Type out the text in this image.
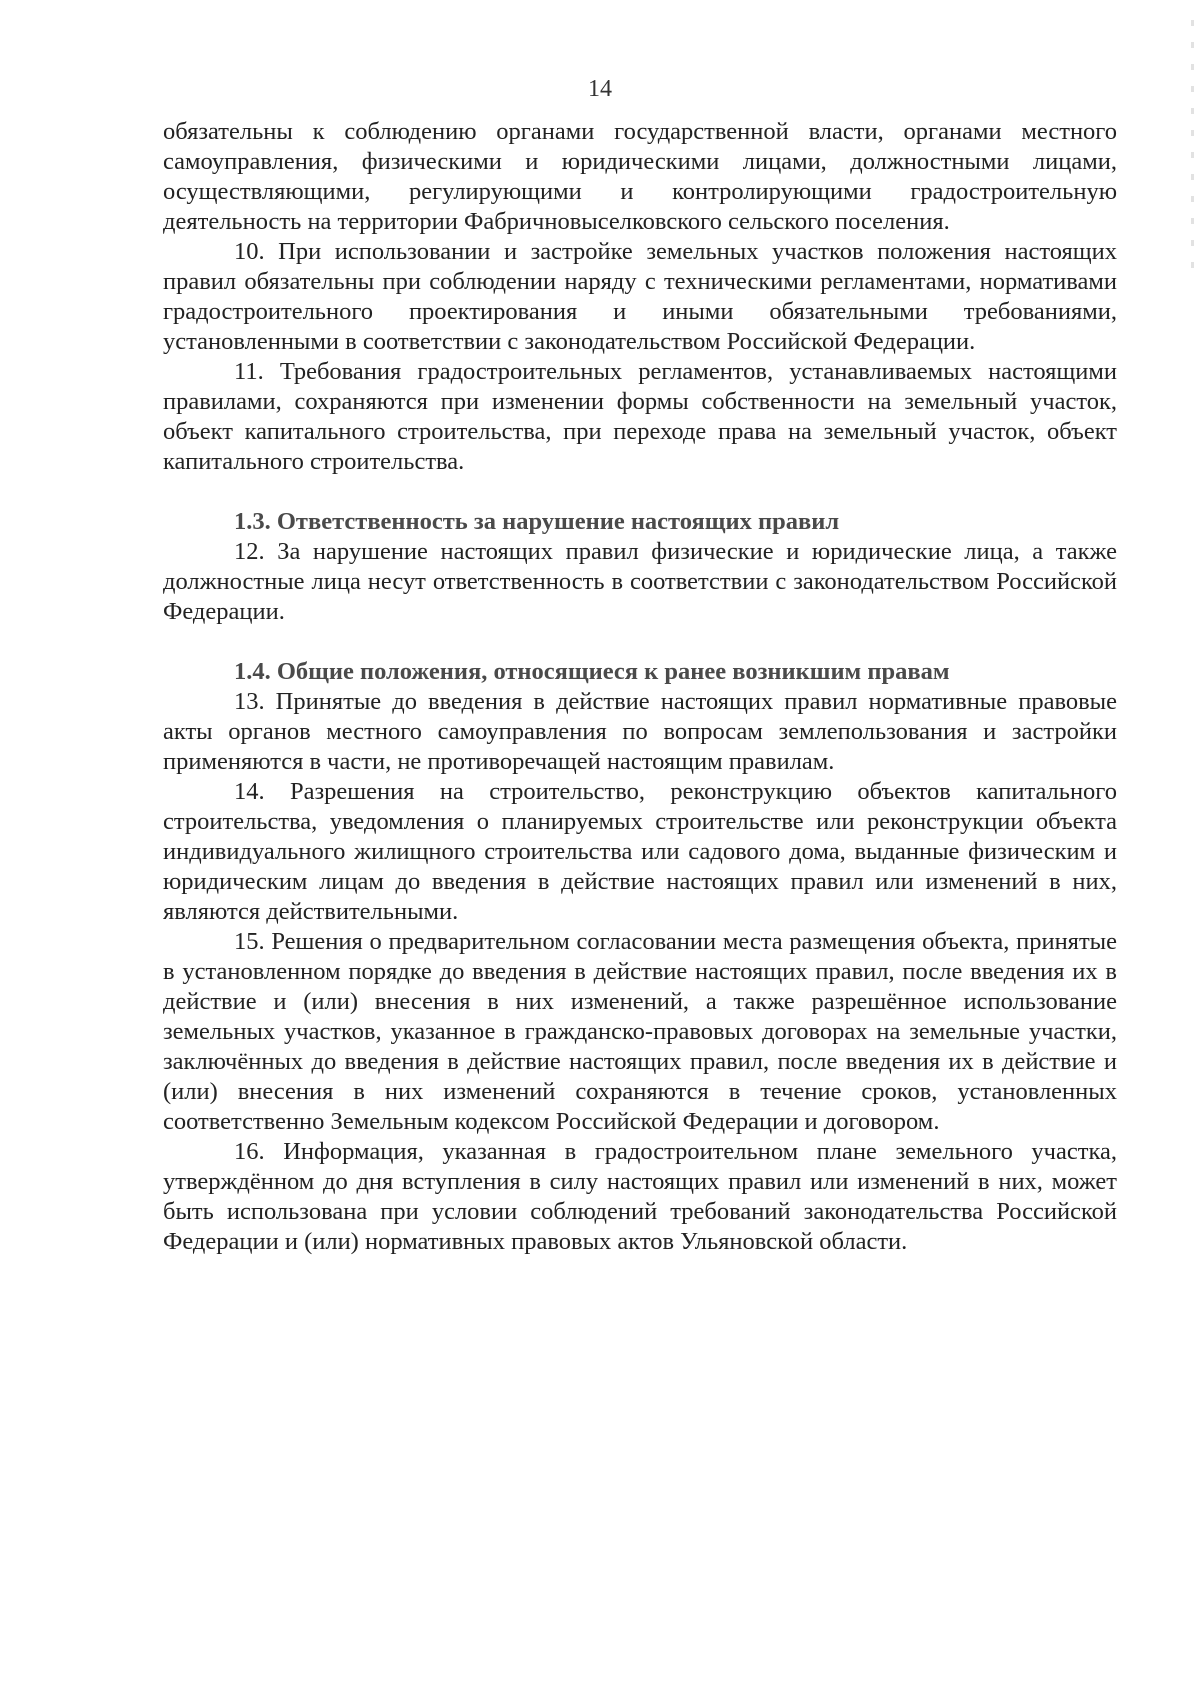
14

обязательны к соблюдению органами государственной власти, органами местного самоуправления, физическими и юридическими лицами, должностными лицами, осуществляющими, регулирующими и контролирующими градостроительную деятельность на территории Фабричновыселковского сельского поселения.

10. При использовании и застройке земельных участков положения настоящих правил обязательны при соблюдении наряду с техническими регламентами, нормативами градостроительного проектирования и иными обязательными требованиями, установленными в соответствии с законодательством Российской Федерации.

11. Требования градостроительных регламентов, устанавливаемых настоящими правилами, сохраняются при изменении формы собственности на земельный участок, объект капитального строительства, при переходе права на земельный участок, объект капитального строительства.

1.3. Ответственность за нарушение настоящих правил

12. За нарушение настоящих правил физические и юридические лица, а также должностные лица несут ответственность в соответствии с законодательством Российской Федерации.

1.4. Общие положения, относящиеся к ранее возникшим правам

13. Принятые до введения в действие настоящих правил нормативные правовые акты органов местного самоуправления по вопросам землепользования и застройки применяются в части, не противоречащей настоящим правилам.

14. Разрешения на строительство, реконструкцию объектов капитального строительства, уведомления о планируемых строительстве или реконструкции объекта индивидуального жилищного строительства или садового дома, выданные физическим и юридическим лицам до введения в действие настоящих правил или изменений в них, являются действительными.

15. Решения о предварительном согласовании места размещения объекта, принятые в установленном порядке до введения в действие настоящих правил, после введения их в действие и (или) внесения в них изменений, а также разрешённое использование земельных участков, указанное в гражданско-правовых договорах на земельные участки, заключённых до введения в действие настоящих правил, после введения их в действие и (или) внесения в них изменений сохраняются в течение сроков, установленных соответственно Земельным кодексом Российской Федерации и договором.

16. Информация, указанная в градостроительном плане земельного участка, утверждённом до дня вступления в силу настоящих правил или изменений в них, может быть использована при условии соблюдений требований законодательства Российской Федерации и (или) нормативных правовых актов Ульяновской области.
